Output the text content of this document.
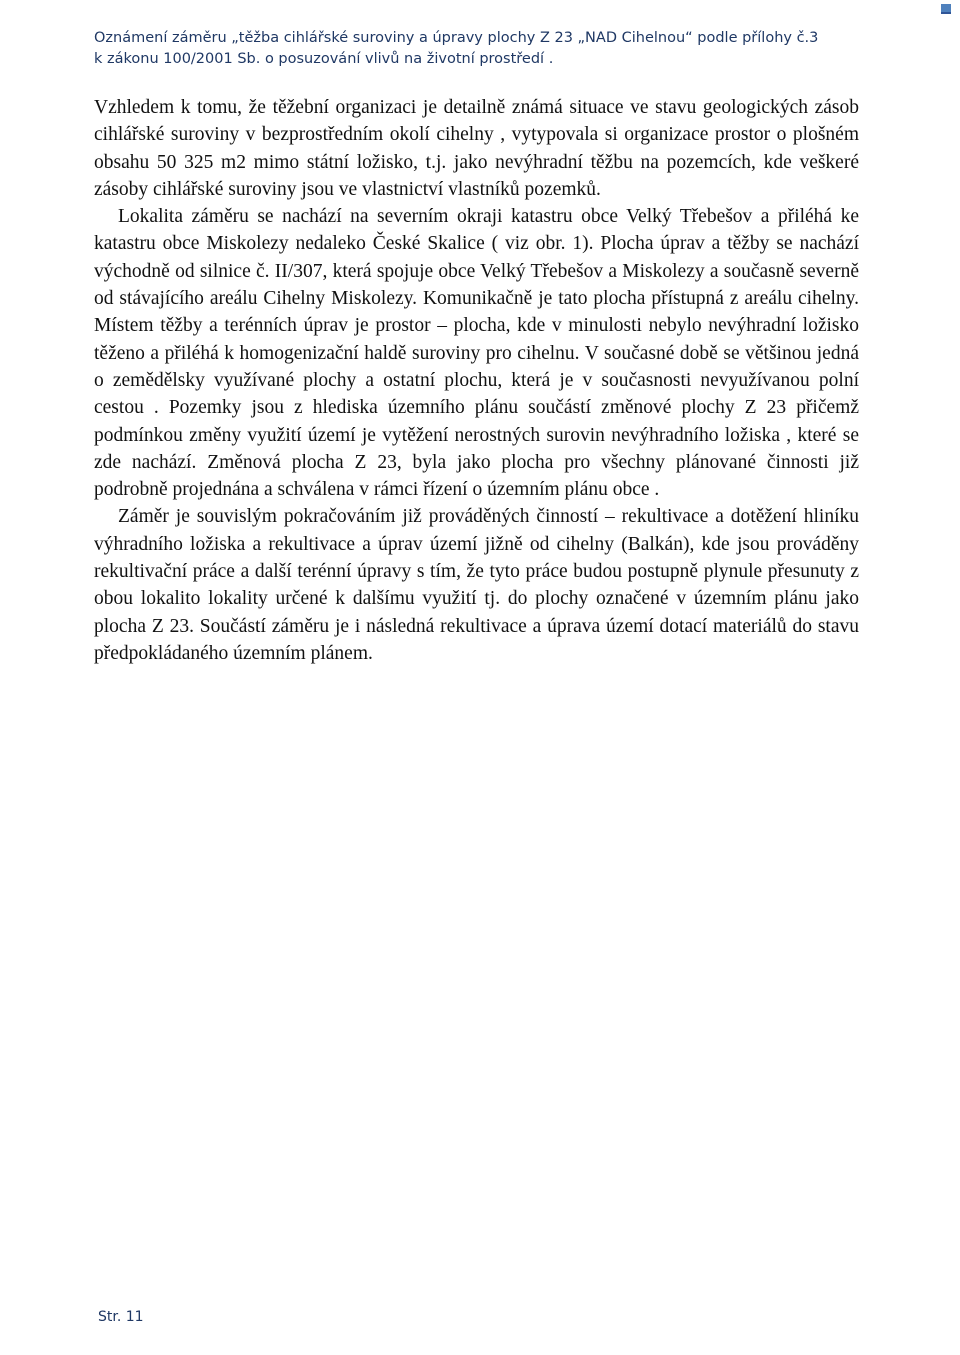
Oznámení záměru „těžba cihlářské suroviny a úpravy plochy Z 23 „NAD Cihelnou“ podle přílohy č.3
k zákonu 100/2001 Sb. o posuzování vlivů na životní prostředí .

Vzhledem k tomu, že těžební organizaci je detailně známá situace ve stavu geologických zásob cihlářské suroviny v bezprostředním okolí cihelny , vytypovala si organizace prostor o plošném obsahu 50 325 m2 mimo státní ložisko, t.j. jako nevýhradní těžbu na pozemcích, kde veškeré zásoby cihlářské suroviny jsou ve vlastnictví vlastníků pozemků.

Lokalita záměru se nachází na severním okraji katastru obce Velký Třebešov a přiléhá ke katastru obce Miskolezy nedaleko České Skalice ( viz obr. 1). Plocha úprav a těžby se nachází východně od silnice č. II/307, která spojuje obce Velký Třebešov a Miskolezy a současně severně od stávajícího areálu Cihelny Miskolezy. Komunikačně je tato plocha přístupná z areálu cihelny. Místem těžby a terénních úprav je prostor – plocha, kde v minulosti nebylo nevýhradní ložisko těženo a přiléhá k homogenizační haldě suroviny pro cihelnu. V současné době se většinou jedná o zemědělsky využívané plochy a ostatní plochu, která je v současnosti nevyužívanou polní cestou . Pozemky jsou z hlediska územního plánu součástí změnové plochy Z 23 přičemž podmínkou změny využití území je vytěžení nerostných surovin nevýhradního ložiska , které se zde nachází. Změnová plocha Z 23, byla jako plocha pro všechny plánované činnosti již podrobně projednána a schválena v rámci řízení o územním plánu obce .

Záměr je souvislým pokračováním již prováděných činností – rekultivace a dotěžení hliníku výhradního ložiska a rekultivace a úprav území jižně od cihelny (Balkán), kde jsou prováděny rekultivační práce a další terénní úpravy s tím, že tyto práce budou postupně plynule přesunuty z obou lokalito lokality určené k dalšímu využití tj. do plochy označené v územním plánu jako plocha Z 23. Součástí záměru je i následná rekultivace a úprava území dotací materiálů do stavu předpokládaného územním plánem.

Str. 11
